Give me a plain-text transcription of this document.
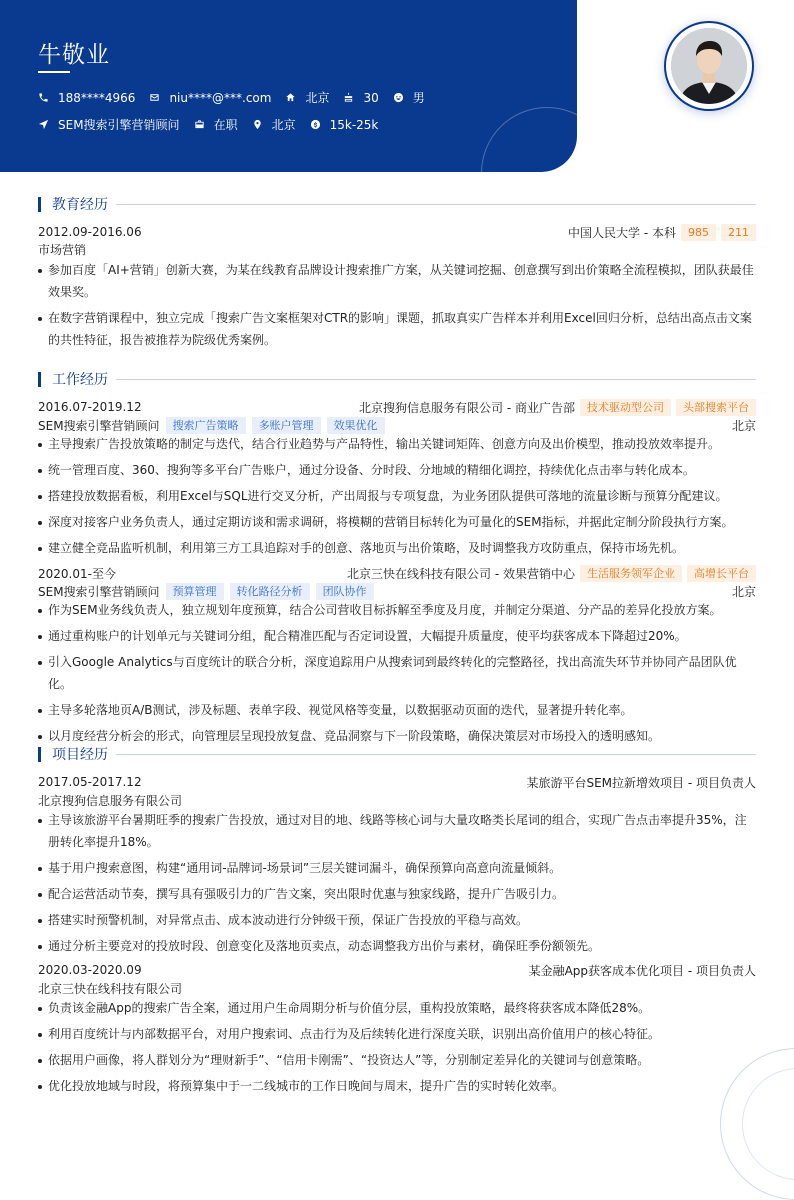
牛敬业
188****4966	niu****@***.com	北京	30	男
SEM搜索引擎营销顾问	在职	北京	15k-25k
教育经历
2012.09-2016.06	中国人民大学 - 本科	985	211
市场营销
参加百度「AI+营销」创新大赛，为某在线教育品牌设计搜索推广方案，从关键词挖掘、创意撰写到出价策略全流程模拟，团队获最佳效果奖。
在数字营销课程中，独立完成「搜索广告文案框架对CTR的影响」课题，抓取真实广告样本并利用Excel回归分析，总结出高点击文案的共性特征，报告被推荐为院级优秀案例。
工作经历
2016.07-2019.12	北京搜狗信息服务有限公司 - 商业广告部	技术驱动型公司	头部搜索平台
SEM搜索引擎营销顾问	搜索广告策略	多账户管理	效果优化	北京
主导搜索广告投放策略的制定与迭代，结合行业趋势与产品特性，输出关键词矩阵、创意方向及出价模型，推动投放效率提升。
统一管理百度、360、搜狗等多平台广告账户，通过分设备、分时段、分地域的精细化调控，持续优化点击率与转化成本。
搭建投放数据看板，利用Excel与SQL进行交叉分析，产出周报与专项复盘，为业务团队提供可落地的流量诊断与预算分配建议。
深度对接客户业务负责人，通过定期访谈和需求调研，将模糊的营销目标转化为可量化的SEM指标，并据此定制分阶段执行方案。
建立健全竞品监听机制，利用第三方工具追踪对手的创意、落地页与出价策略，及时调整我方攻防重点，保持市场先机。
2020.01-至今	北京三快在线科技有限公司 - 效果营销中心	生活服务领军企业	高增长平台
SEM搜索引擎营销顾问	预算管理	转化路径分析	团队协作	北京
作为SEM业务线负责人，独立规划年度预算，结合公司营收目标拆解至季度及月度，并制定分渠道、分产品的差异化投放方案。
通过重构账户的计划单元与关键词分组，配合精准匹配与否定词设置，大幅提升质量度，使平均获客成本下降超过20%。
引入Google Analytics与百度统计的联合分析，深度追踪用户从搜索词到最终转化的完整路径，找出高流失环节并协同产品团队优化。
主导多轮落地页A/B测试，涉及标题、表单字段、视觉风格等变量，以数据驱动页面的迭代，显著提升转化率。
以月度经营分析会的形式，向管理层呈现投放复盘、竞品洞察与下一阶段策略，确保决策层对市场投入的透明感知。
项目经历
2017.05-2017.12	某旅游平台SEM拉新增效项目 - 项目负责人
北京搜狗信息服务有限公司
主导该旅游平台暑期旺季的搜索广告投放，通过对目的地、线路等核心词与大量攻略类长尾词的组合，实现广告点击率提升35%，注册转化率提升18%。
基于用户搜索意图，构建“通用词-品牌词-场景词”三层关键词漏斗，确保预算向高意向流量倾斜。
配合运营活动节奏，撰写具有强吸引力的广告文案，突出限时优惠与独家线路，提升广告吸引力。
搭建实时预警机制，对异常点击、成本波动进行分钟级干预，保证广告投放的平稳与高效。
通过分析主要竞对的投放时段、创意变化及落地页卖点，动态调整我方出价与素材，确保旺季份额领先。
2020.03-2020.09	某金融App获客成本优化项目 - 项目负责人
北京三快在线科技有限公司
负责该金融App的搜索广告全案，通过用户生命周期分析与价值分层，重构投放策略，最终将获客成本降低28%。
利用百度统计与内部数据平台，对用户搜索词、点击行为及后续转化进行深度关联，识别出高价值用户的核心特征。
依据用户画像，将人群划分为“理财新手”、“信用卡刚需”、“投资达人”等，分别制定差异化的关键词与创意策略。
优化投放地域与时段，将预算集中于一二线城市的工作日晚间与周末，提升广告的实时转化效率。
